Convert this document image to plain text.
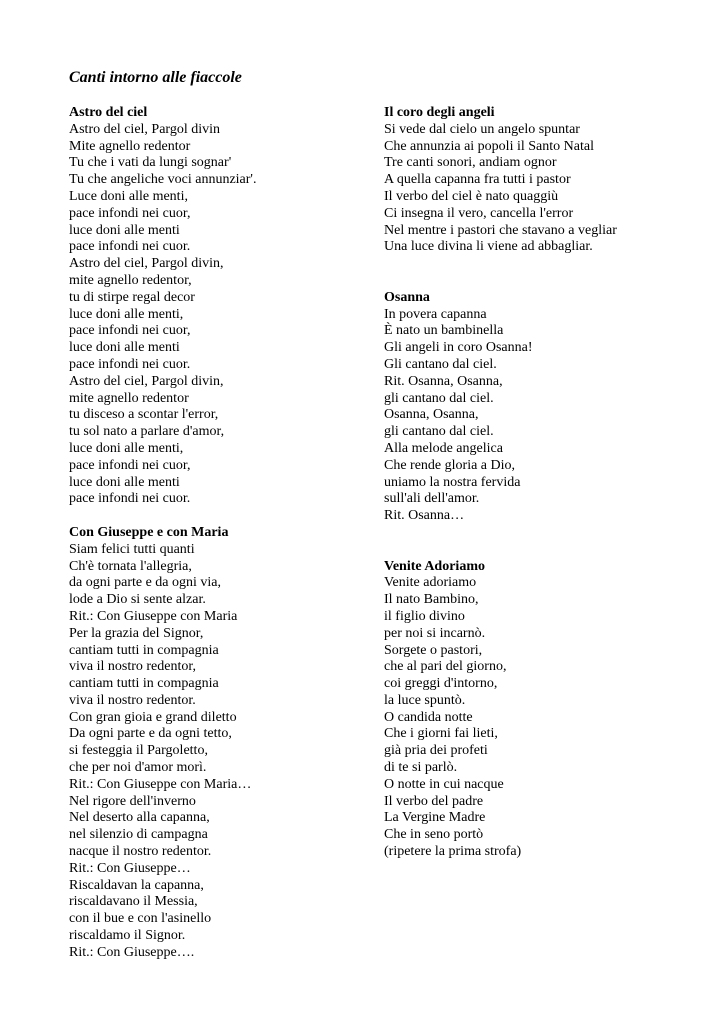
Canti intorno alle fiaccole
Astro del ciel
Astro del ciel, Pargol divin
Mite agnello redentor
Tu che i vati da lungi sognar'
Tu che angeliche voci annunziar'.
Luce doni alle menti,
pace infondi nei cuor,
luce doni alle menti
pace infondi nei cuor.
Astro del ciel, Pargol divin,
mite agnello redentor,
tu di stirpe regal decor
luce doni alle menti,
pace infondi nei cuor,
luce doni alle menti
pace infondi nei cuor.
Astro del ciel, Pargol divin,
mite agnello redentor
tu disceso a scontar l'error,
tu sol nato a parlare d'amor,
luce doni alle menti,
pace infondi nei cuor,
luce doni alle menti
pace infondi nei cuor.
Con Giuseppe e con Maria
Siam felici tutti quanti
Ch'è tornata l'allegria,
da ogni parte e da ogni via,
lode a Dio si sente alzar.
Rit.: Con Giuseppe con Maria
Per la grazia del Signor,
cantiam tutti in compagnia
viva il nostro redentor,
cantiam tutti in compagnia
viva il nostro redentor.
Con gran gioia e grand diletto
Da ogni parte e da ogni tetto,
si festeggia il Pargoletto,
che per noi d'amor morì.
Rit.: Con Giuseppe con Maria…
Nel rigore dell'inverno
Nel deserto alla capanna,
nel silenzio di campagna
nacque il nostro redentor.
Rit.: Con Giuseppe…
Riscaldavan la capanna,
riscaldavano il Messia,
con il bue e con l'asinello
riscaldamo il Signor.
Rit.: Con Giuseppe….
Il coro degli angeli
Si vede dal cielo un angelo spuntar
Che annunzia ai popoli il Santo Natal
Tre canti sonori, andiam ognor
A quella capanna fra tutti i pastor
Il verbo del ciel è nato quaggiù
Ci insegna il vero, cancella l'error
Nel mentre i pastori che stavano a vegliar
Una luce divina li viene ad abbagliar.
Osanna
In povera capanna
È nato un bambinella
Gli angeli in coro Osanna!
Gli cantano dal ciel.
Rit. Osanna, Osanna,
gli cantano dal ciel.
Osanna, Osanna,
gli cantano dal ciel.
Alla melode angelica
Che rende gloria a Dio,
uniamo la nostra fervida
sull'ali dell'amor.
Rit. Osanna…
Venite Adoriamo
Venite adoriamo
Il nato Bambino,
il figlio divino
per noi si incarnò.
Sorgete o pastori,
che al pari del giorno,
coi greggi d'intorno,
la luce spuntò.
O candida notte
Che i giorni fai lieti,
già pria dei profeti
di te si parlò.
O notte in cui nacque
Il verbo del padre
La Vergine Madre
Che in seno portò
(ripetere la prima strofa)
